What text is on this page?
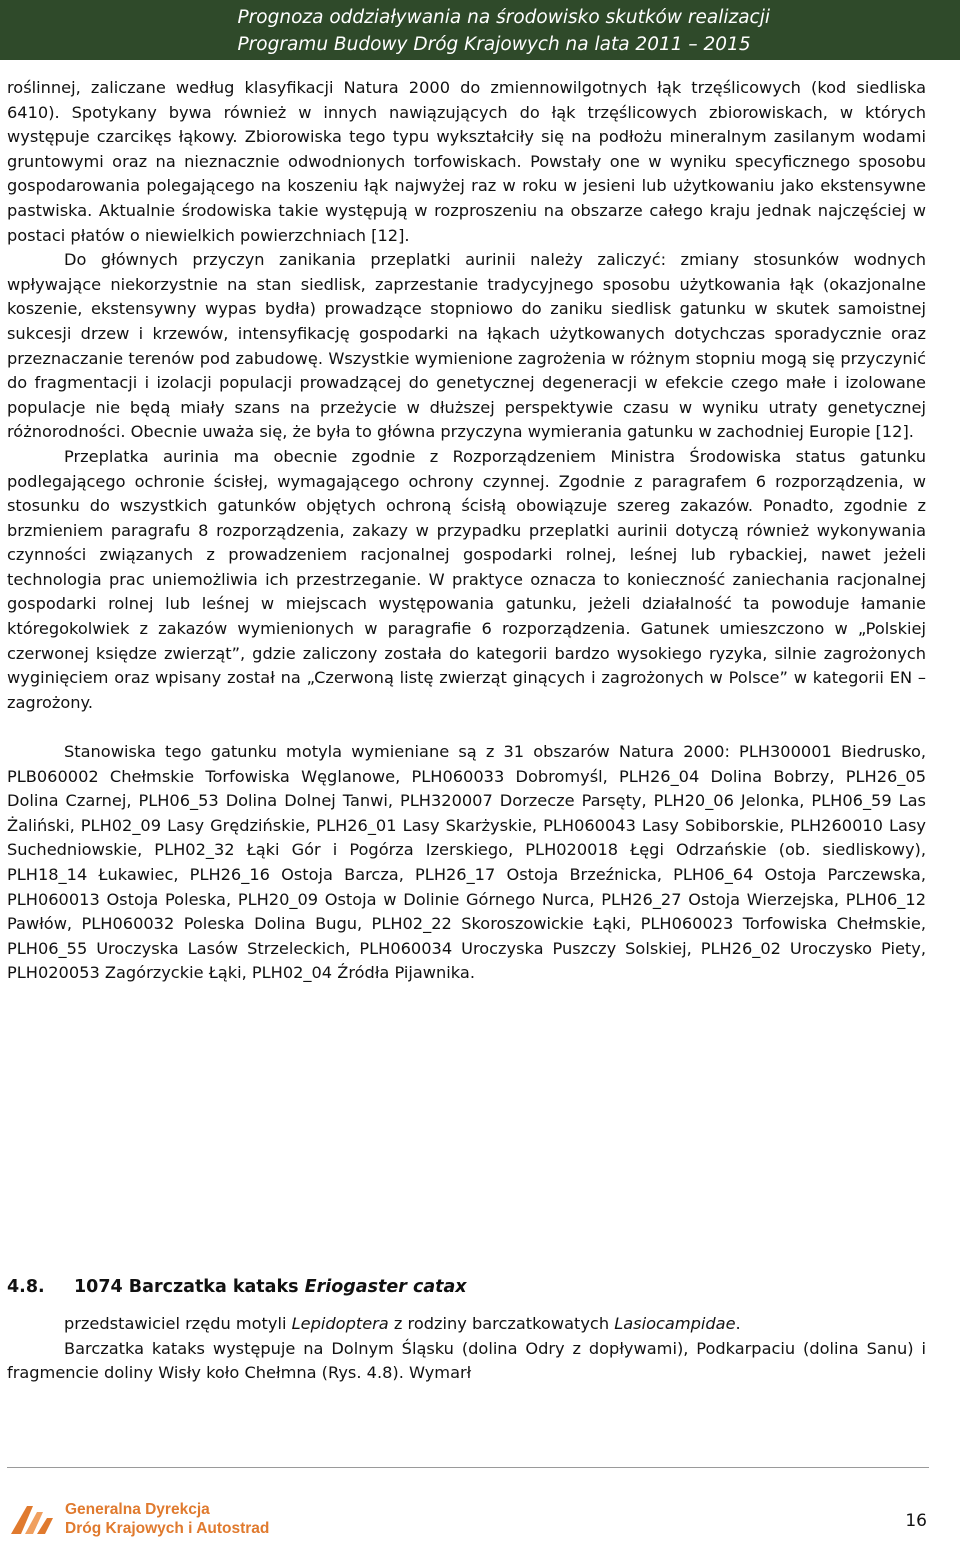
Prognoza oddziaływania na środowisko skutków realizacji
Programu Budowy Dróg Krajowych na lata 2011 – 2015

roślinnej, zaliczane według klasyfikacji Natura 2000 do zmiennowilgotnych łąk trzęślicowych (kod siedliska 6410). Spotykany bywa również w innych nawiązujących do łąk trzęślicowych zbiorowiskach, w których występuje czarcikęs łąkowy. Zbiorowiska tego typu wykształciły się na podłożu mineralnym zasilanym wodami gruntowymi oraz na nieznacznie odwodnionych torfowiskach. Powstały one w wyniku specyficznego sposobu gospodarowania polegającego na koszeniu łąk najwyżej raz w roku w jesieni lub użytkowaniu jako ekstensywne pastwiska. Aktualnie środowiska takie występują w rozproszeniu na obszarze całego kraju jednak najczęściej w postaci płatów o niewielkich powierzchniach [12].

Do głównych przyczyn zanikania przeplatki aurinii należy zaliczyć: zmiany stosunków wodnych wpływające niekorzystnie na stan siedlisk, zaprzestanie tradycyjnego sposobu użytkowania łąk (okazjonalne koszenie, ekstensywny wypas bydła) prowadzące stopniowo do zaniku siedlisk gatunku w skutek samoistnej sukcesji drzew i krzewów, intensyfikację gospodarki na łąkach użytkowanych dotychczas sporadycznie oraz przeznaczanie terenów pod zabudowę. Wszystkie wymienione zagrożenia w różnym stopniu mogą się przyczynić do fragmentacji i izolacji populacji prowadzącej do genetycznej degeneracji w efekcie czego małe i izolowane populacje nie będą miały szans na przeżycie w dłuższej perspektywie czasu w wyniku utraty genetycznej różnorodności. Obecnie uważa się, że była to główna przyczyna wymierania gatunku w zachodniej Europie [12].

Przeplatka aurinia ma obecnie zgodnie z Rozporządzeniem Ministra Środowiska status gatunku podlegającego ochronie ścisłej, wymagającego ochrony czynnej. Zgodnie z paragrafem 6 rozporządzenia, w stosunku do wszystkich gatunków objętych ochroną ścisłą obowiązuje szereg zakazów. Ponadto, zgodnie z brzmieniem paragrafu 8 rozporządzenia, zakazy w przypadku przeplatki aurinii dotyczą również wykonywania czynności związanych z prowadzeniem racjonalnej gospodarki rolnej, leśnej lub rybackiej, nawet jeżeli technologia prac uniemożliwia ich przestrzeganie. W praktyce oznacza to konieczność zaniechania racjonalnej gospodarki rolnej lub leśnej w miejscach występowania gatunku, jeżeli działalność ta powoduje łamanie któregokolwiek z zakazów wymienionych w paragrafie 6 rozporządzenia. Gatunek umieszczono w „Polskiej czerwonej księdze zwierząt”, gdzie zaliczony została do kategorii bardzo wysokiego ryzyka, silnie zagrożonych wyginięciem oraz wpisany został na „Czerwoną listę zwierząt ginących i zagrożonych w Polsce” w kategorii EN – zagrożony.

Stanowiska tego gatunku motyla wymieniane są z 31 obszarów Natura 2000: PLH300001 Biedrusko, PLB060002 Chełmskie Torfowiska Węglanowe, PLH060033 Dobromyśl, PLH26_04 Dolina Bobrzy, PLH26_05 Dolina Czarnej, PLH06_53 Dolina Dolnej Tanwi, PLH320007 Dorzecze Parsęty, PLH20_06 Jelonka, PLH06_59 Las Żaliński, PLH02_09 Lasy Grędzińskie, PLH26_01 Lasy Skarżyskie, PLH060043 Lasy Sobiborskie, PLH260010 Lasy Suchedniowskie, PLH02_32 Łąki Gór i Pogórza Izerskiego, PLH020018 Łęgi Odrzańskie (ob. siedliskowy), PLH18_14 Łukawiec, PLH26_16 Ostoja Barcza, PLH26_17 Ostoja Brzeźnicka, PLH06_64 Ostoja Parczewska, PLH060013 Ostoja Poleska, PLH20_09 Ostoja w Dolinie Górnego Nurca, PLH26_27 Ostoja Wierzejska, PLH06_12 Pawłów, PLH060032 Poleska Dolina Bugu, PLH02_22 Skoroszowickie Łąki, PLH060023 Torfowiska Chełmskie, PLH06_55 Uroczyska Lasów Strzeleckich, PLH060034 Uroczyska Puszczy Solskiej, PLH26_02 Uroczysko Piety, PLH020053 Zagórzyckie Łąki, PLH02_04 Źródła Pijawnika.

4.8. 1074 Barczatka kataks Eriogaster catax

przedstawiciel rzędu motyli Lepidoptera z rodziny barczatkowatych Lasiocampidae.

Barczatka kataks występuje na Dolnym Śląsku (dolina Odry z dopływami), Podkarpaciu (dolina Sanu) i fragmencie doliny Wisły koło Chełmna (Rys. 4.8). Wymarł

Generalna Dyrekcja
Dróg Krajowych i Autostrad	16
